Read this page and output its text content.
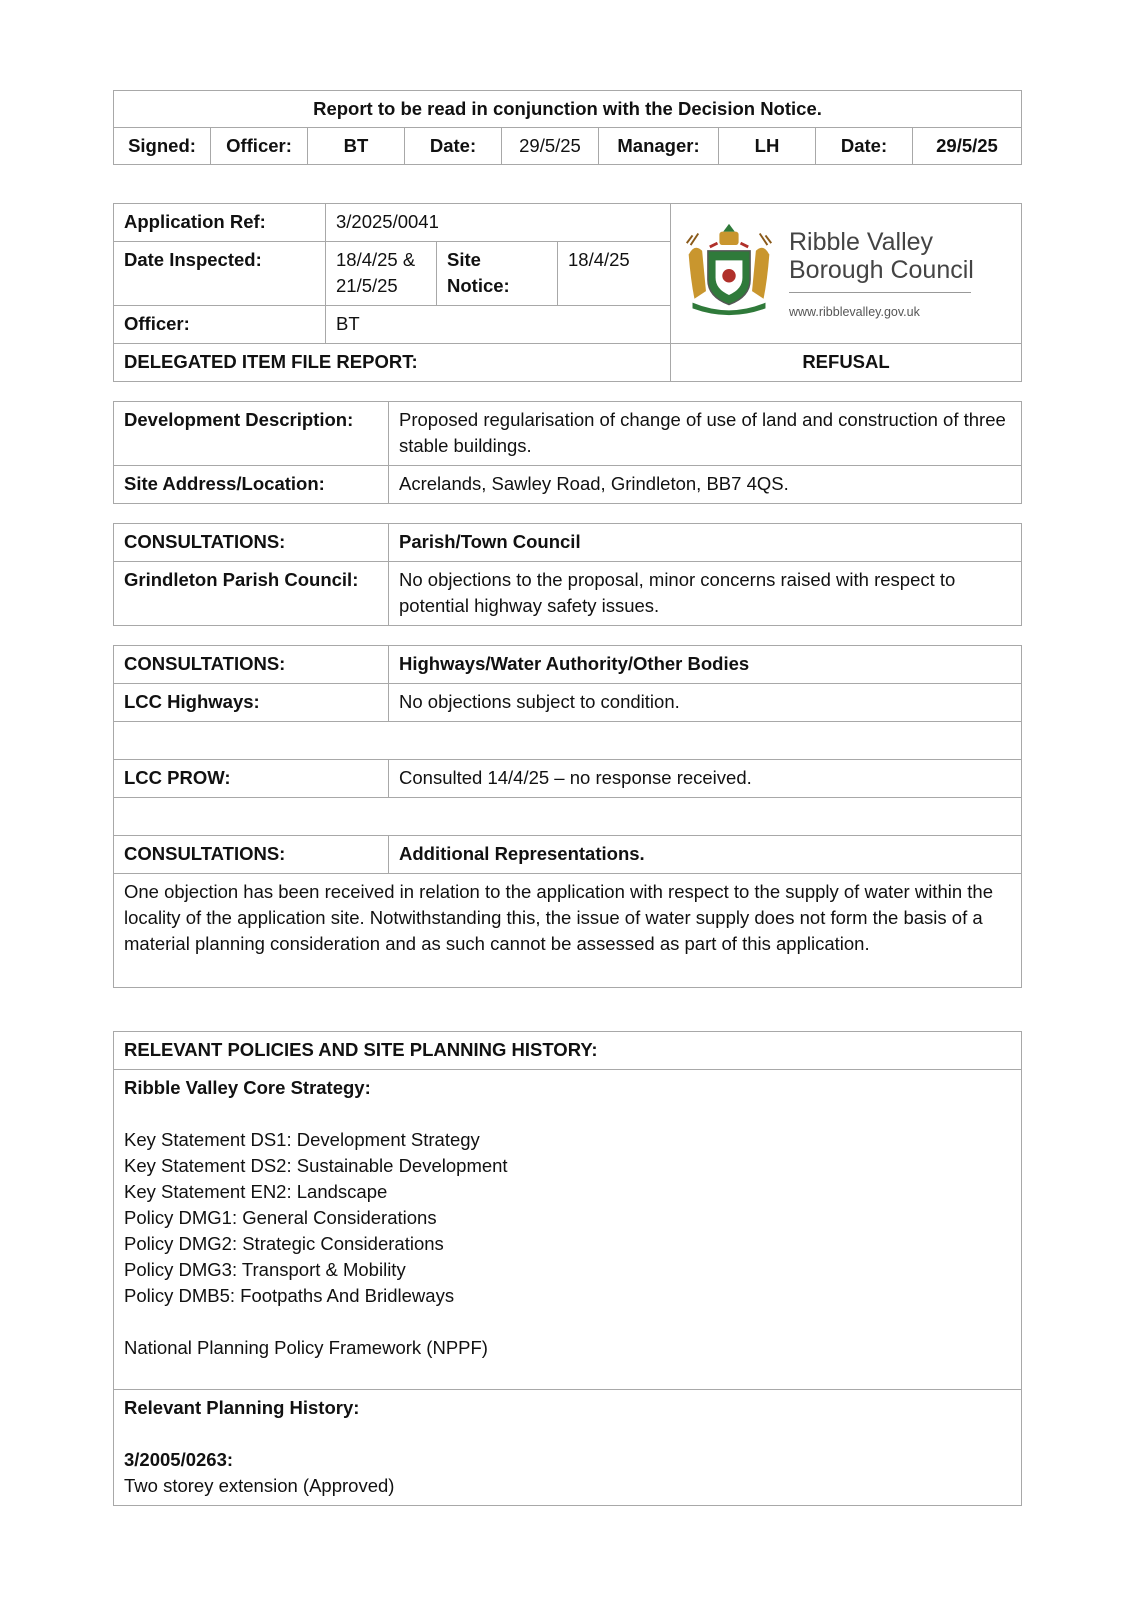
Report to be read in conjunction with the Decision Notice.
Signed:	Officer:	BT	Date:	29/5/25	Manager:	LH	Date:	29/5/25
Application Ref:	3/2025/0041			Ribble Valley
Borough Council
www.ribblevalley.gov.uk

Date Inspected:	18/4/25 & 21/5/25	Site Notice:	18/4/25	
Officer:	BT			
DELEGATED ITEM FILE REPORT:				REFUSAL
Development Description:	Proposed regularisation of change of use of land and construction of three stable buildings.
Site Address/Location:	Acrelands, Sawley Road, Grindleton, BB7 4QS.
CONSULTATIONS:	Parish/Town Council
Grindleton Parish Council:	No objections to the proposal, minor concerns raised with respect to potential highway safety issues.
CONSULTATIONS:	Highways/Water Authority/Other Bodies
LCC Highways:	No objections subject to condition.

LCC PROW:	Consulted 14/4/25 – no response received.

CONSULTATIONS:	Additional Representations.
One objection has been received in relation to the application with respect to the supply of water within the locality of the application site. Notwithstanding this, the issue of water supply does not form the basis of a material planning consideration and as such cannot be assessed as part of this application.	
RELEVANT POLICIES AND SITE PLANNING HISTORY:

Ribble Valley Core Strategy:
Key Statement DS1: Development Strategy
Key Statement DS2: Sustainable Development
Key Statement EN2: Landscape
Policy DMG1: General Considerations
Policy DMG2: Strategic Considerations
Policy DMG3: Transport & Mobility
Policy DMB5: Footpaths And Bridleways
National Planning Policy Framework (NPPF)

Relevant Planning History:
3/2005/0263:
Two storey extension (Approved)
